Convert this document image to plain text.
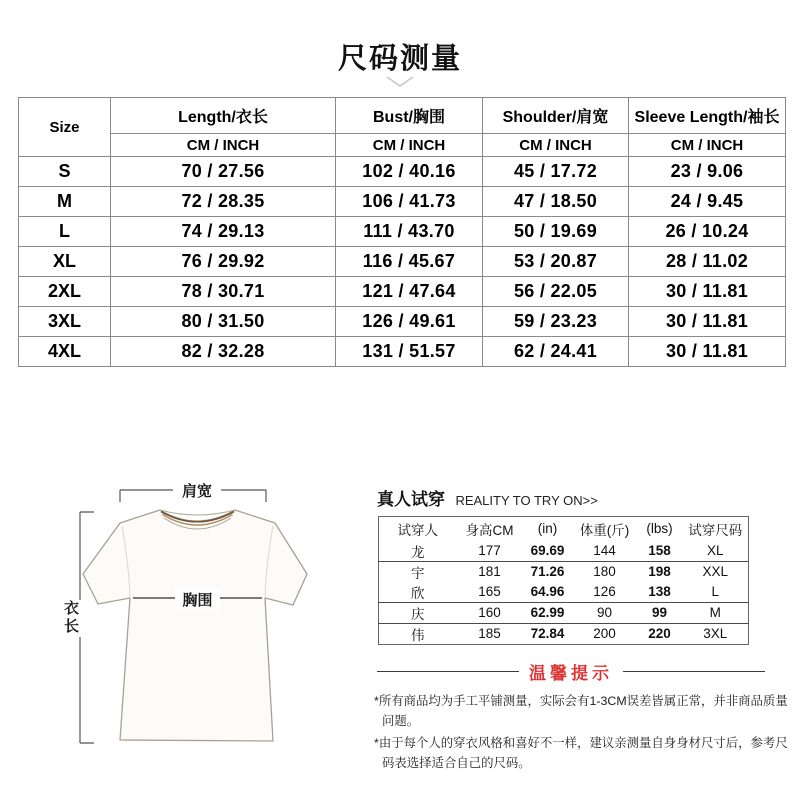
尺码测量
Size	Length/衣长	Bust/胸围	Shoulder/肩宽	Sleeve Length/袖长
	CM / INCH	CM / INCH	CM / INCH	CM / INCH
S	70 / 27.56	102 / 40.16	45 / 17.72	23 / 9.06
M	72 / 28.35	106 / 41.73	47 / 18.50	24 / 9.45
L	74 / 29.13	111 / 43.70	50 / 19.69	26 / 10.24
XL	76 / 29.92	116 / 45.67	53 / 20.87	28 / 11.02
2XL	78 / 30.71	121 / 47.64	56 / 22.05	30 / 11.81
3XL	80 / 31.50	126 / 49.61	59 / 23.23	30 / 11.81
4XL	82 / 32.28	131 / 51.57	62 / 24.41	30 / 11.81
肩宽
胸围
衣长
真人试穿 REALITY TO TRY ON>>
试穿人	身高CM	(in)	体重(斤)	(lbs)	试穿尺码
龙	177	69.69	144	158	XL
宇	181	71.26	180	198	XXL
欣	165	64.96	126	138	L
庆	160	62.99	90	99	M
伟	185	72.84	200	220	3XL
温馨提示

*所有商品均为手工平铺测量，实际会有1-3CM误差皆属正常，并非商品质量问题。

*由于每个人的穿衣风格和喜好不一样，建议亲测量自身身材尺寸后，参考尺码表选择适合自己的尺码。
